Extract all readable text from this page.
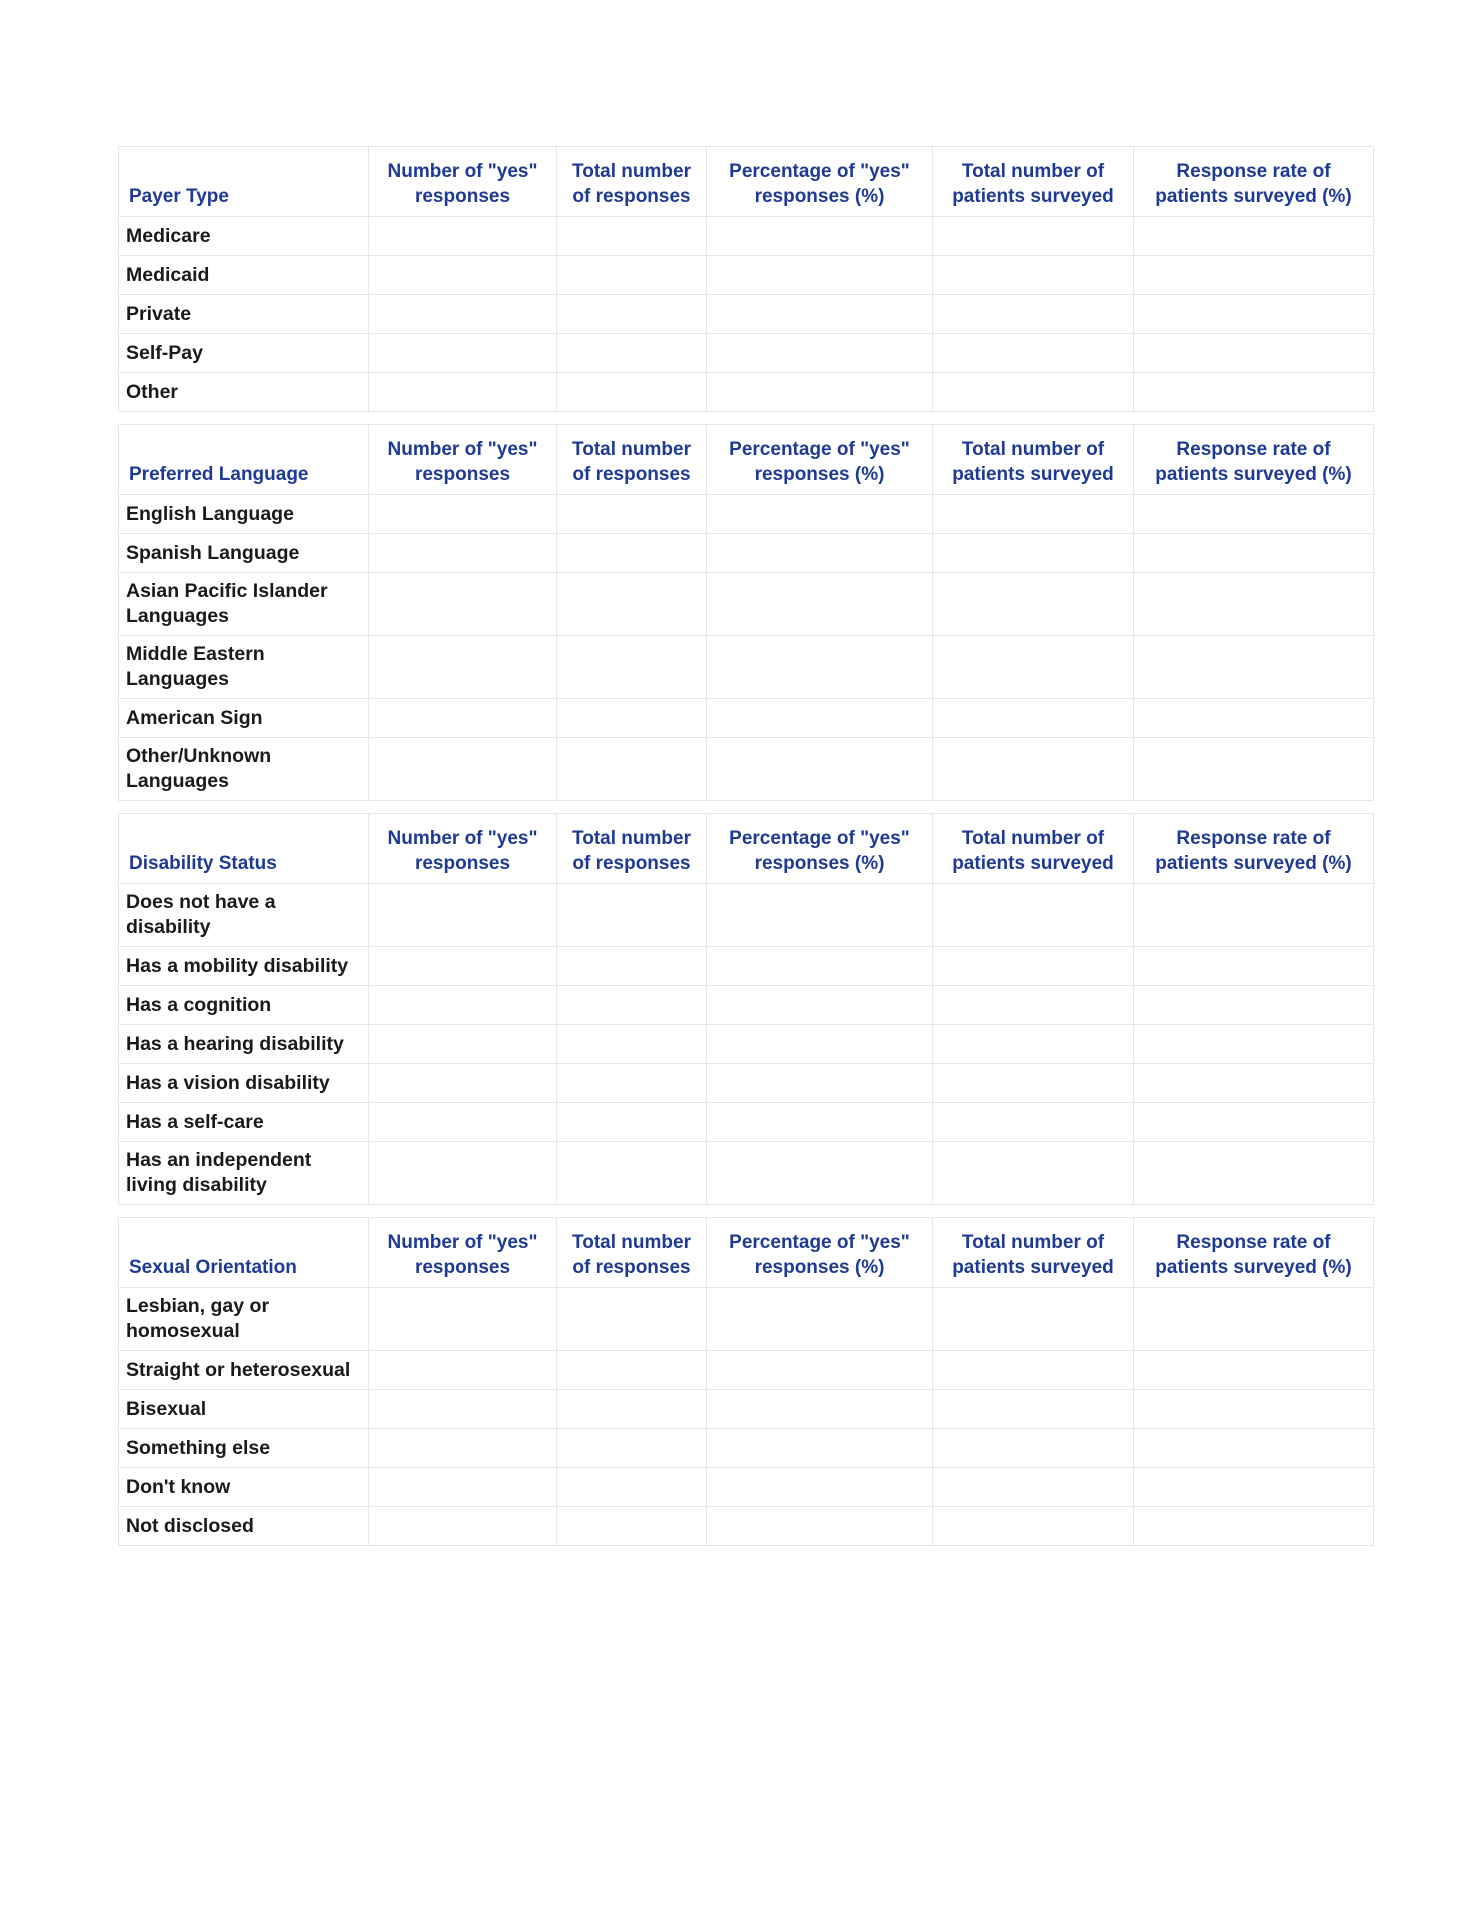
Payer Type	Number of "yes" responses	Total number of responses	Percentage of "yes" responses (%)	Total number of patients surveyed	Response rate of patients surveyed (%)
Medicare					
Medicaid					
Private					
Self-Pay					
Other					
Preferred Language	Number of "yes" responses	Total number of responses	Percentage of "yes" responses (%)	Total number of patients surveyed	Response rate of patients surveyed (%)
English Language					
Spanish Language					
Asian Pacific Islander Languages					
Middle Eastern Languages					
American Sign					
Other/Unknown Languages					
Disability Status	Number of "yes" responses	Total number of responses	Percentage of "yes" responses (%)	Total number of patients surveyed	Response rate of patients surveyed (%)
Does not have a disability					
Has a mobility disability					
Has a cognition					
Has a hearing disability					
Has a vision disability					
Has a self-care					
Has an independent living disability					
Sexual Orientation	Number of "yes" responses	Total number of responses	Percentage of "yes" responses (%)	Total number of patients surveyed	Response rate of patients surveyed (%)
Lesbian, gay or homosexual					
Straight or heterosexual					
Bisexual					
Something else					
Don't know					
Not disclosed					
